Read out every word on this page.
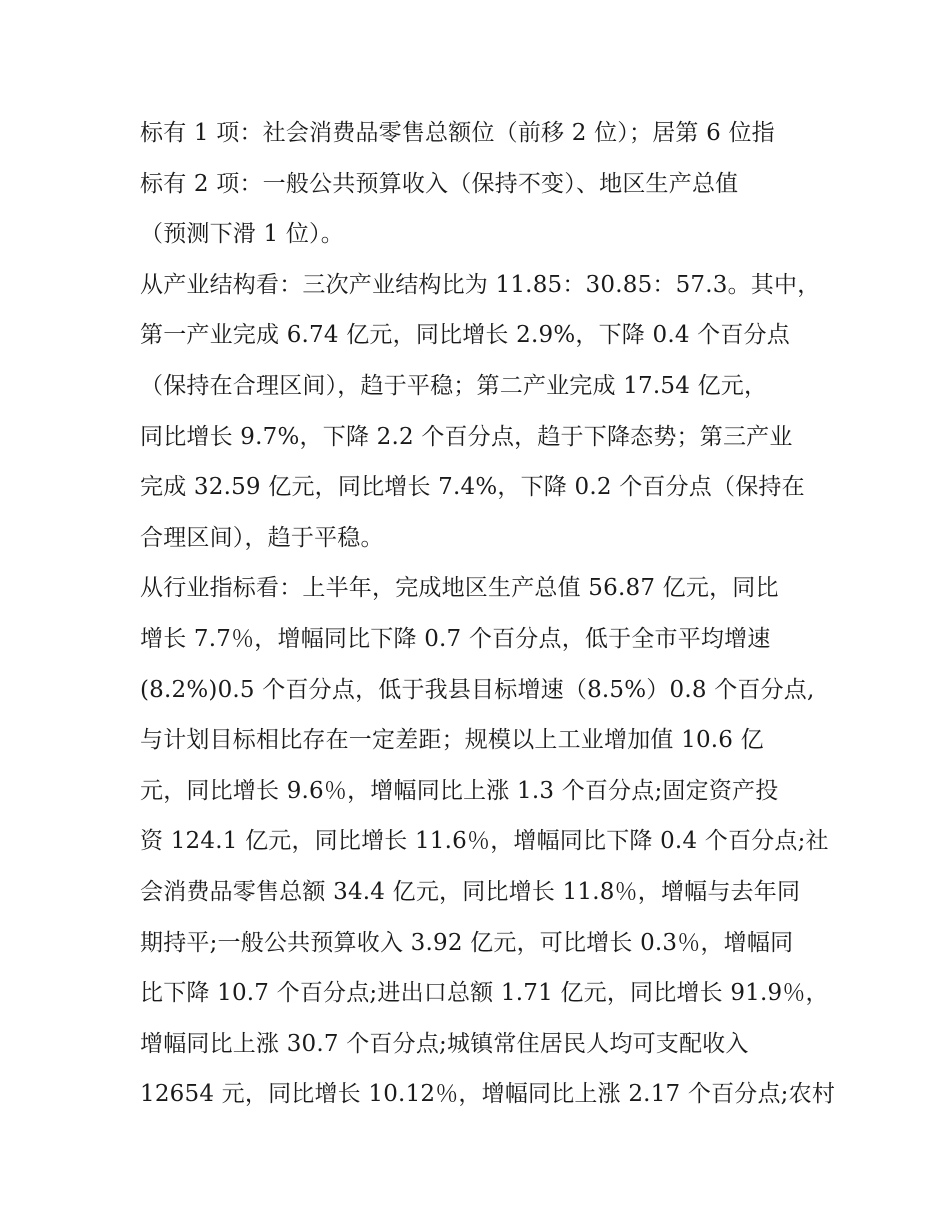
标有 1 项：社会消费品零售总额位（前移 2 位）；居第 6 位指
标有 2 项：一般公共预算收入（保持不变）、地区生产总值
（预测下滑 1 位）。
从产业结构看：三次产业结构比为 11.85：30.85：57.3。其中，
第一产业完成 6.74 亿元，同比增长 2.9%，下降 0.4 个百分点
（保持在合理区间），趋于平稳；第二产业完成 17.54 亿元，
同比增长 9.7%，下降 2.2 个百分点，趋于下降态势；第三产业
完成 32.59 亿元，同比增长 7.4%，下降 0.2 个百分点（保持在
合理区间），趋于平稳。
从行业指标看：上半年，完成地区生产总值 56.87 亿元，同比
增长 7.7％，增幅同比下降 0.7 个百分点，低于全市平均增速
(8.2%)0.5 个百分点，低于我县目标增速（8.5%）0.8 个百分点,
与计划目标相比存在一定差距；规模以上工业增加值 10.6 亿
元，同比增长 9.6％，增幅同比上涨 1.3 个百分点;固定资产投
资 124.1 亿元，同比增长 11.6％，增幅同比下降 0.4 个百分点;社
会消费品零售总额 34.4 亿元，同比增长 11.8％，增幅与去年同
期持平;一般公共预算收入 3.92 亿元，可比增长 0.3％，增幅同
比下降 10.7 个百分点;进出口总额 1.71 亿元，同比增长 91.9％，
增幅同比上涨 30.7 个百分点;城镇常住居民人均可支配收入
12654 元，同比增长 10.12％，增幅同比上涨 2.17 个百分点;农村
